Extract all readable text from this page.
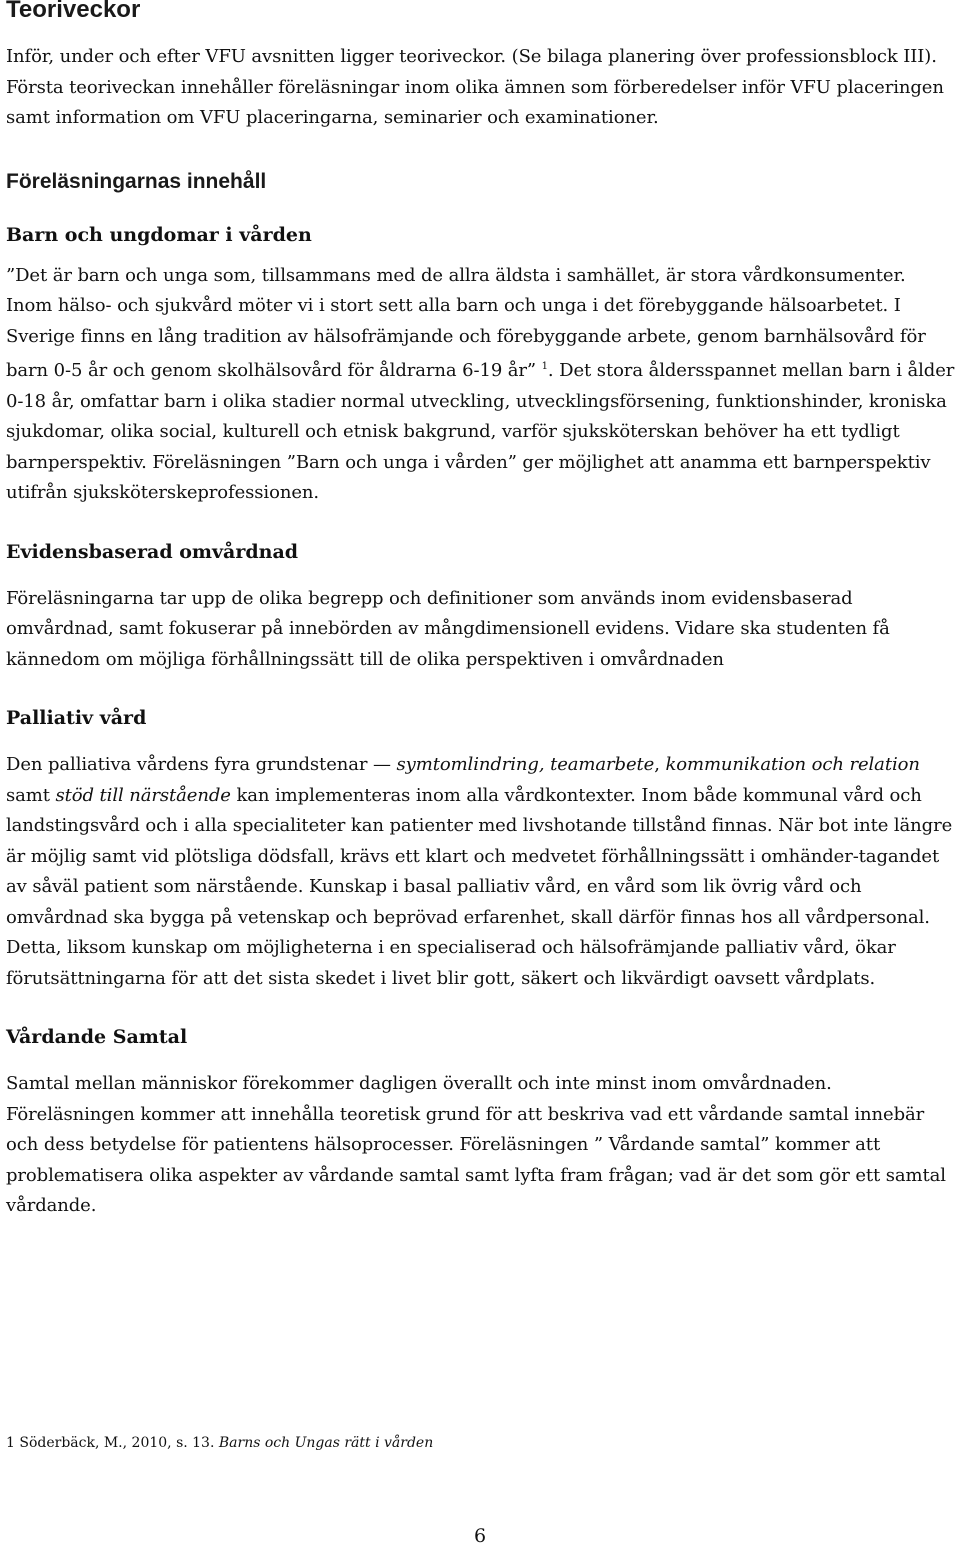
Teoriveckor

Inför, under och efter VFU avsnitten ligger teoriveckor. (Se bilaga planering över professionsblock III). Första teoriveckan innehåller föreläsningar inom olika ämnen som förberedelser inför VFU placeringen samt information om VFU placeringarna, seminarier och examinationer.

Föreläsningarnas innehåll
Barn och ungdomar i vården

”Det är barn och unga som, tillsammans med de allra äldsta i samhället, är stora vårdkonsumenter. Inom hälso- och sjukvård möter vi i stort sett alla barn och unga i det förebyggande hälsoarbetet. I Sverige finns en lång tradition av hälsofrämjande och förebyggande arbete, genom barnhälsovård för barn 0-5 år och genom skolhälsovård för åldrarna 6-19 år” $^1$. Det stora åldersspannet mellan barn i ålder 0-18 år, omfattar barn i olika stadier normal utveckling, utvecklingsförsening, funktionshinder, kroniska sjukdomar, olika social, kulturell och etnisk bakgrund, varför sjuksköterskan behöver ha ett tydligt barnperspektiv. Föreläsningen ”Barn och unga i vården” ger möjlighet att anamma ett barnperspektiv utifrån sjuksköterskeprofessionen.

Evidensbaserad omvårdnad

Föreläsningarna tar upp de olika begrepp och definitioner som används inom evidensbaserad omvårdnad, samt fokuserar på innebörden av mångdimensionell evidens. Vidare ska studenten få kännedom om möjliga förhållningssätt till de olika perspektiven i omvårdnaden

Palliativ vård

Den palliativa vårdens fyra grundstenar — symtomlindring, teamarbete, kommunikation och relation samt stöd till närstående kan implementeras inom alla vårdkontexter. Inom både kommunal vård och landstingsvård och i alla specialiteter kan patienter med livshotande tillstånd finnas. När bot inte längre är möjlig samt vid plötsliga dödsfall, krävs ett klart och medvetet förhållningssätt i omhänder-tagandet av såväl patient som närstående. Kunskap i basal palliativ vård, en vård som lik övrig vård och omvårdnad ska bygga på vetenskap och beprövad erfarenhet, skall därför finnas hos all vårdpersonal. Detta, liksom kunskap om möjligheterna i en specialiserad och hälsofrämjande palliativ vård, ökar förutsättningarna för att det sista skedet i livet blir gott, säkert och likvärdigt oavsett vårdplats.

Vårdande Samtal

Samtal mellan människor förekommer dagligen överallt och inte minst inom omvårdnaden. Föreläsningen kommer att innehålla teoretisk grund för att beskriva vad ett vårdande samtal innebär och dess betydelse för patientens hälsoprocesser. Föreläsningen ” Vårdande samtal” kommer att problematisera olika aspekter av vårdande samtal samt lyfta fram frågan; vad är det som gör ett samtal vårdande.

1 Söderbäck, M., 2010, s. 13. Barns och Ungas rätt i vården

6
